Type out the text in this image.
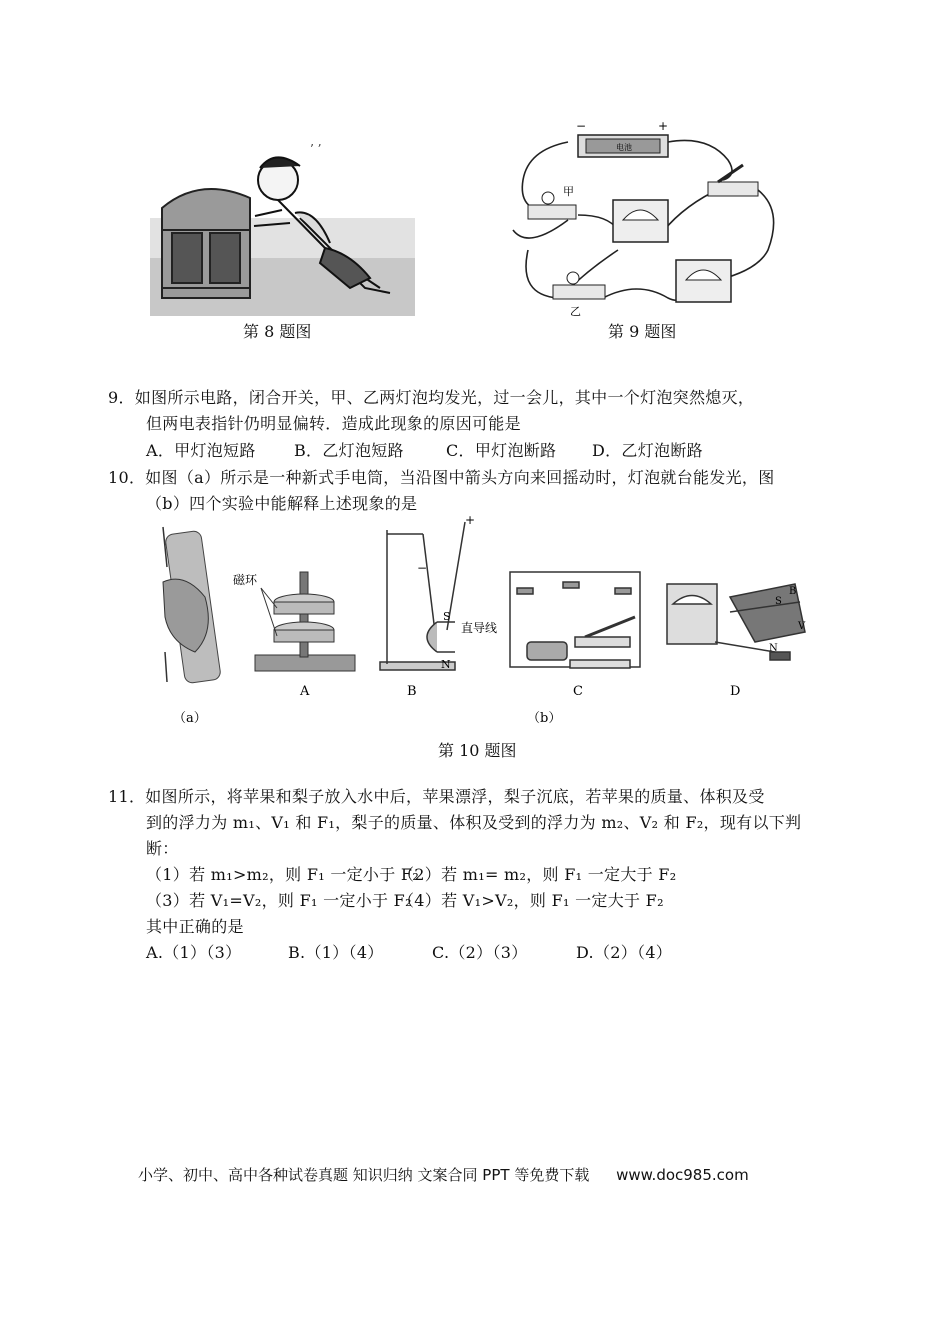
’ ’
第 8 题图
电池
−	+
甲
乙
第 9 题图
9．如图所示电路，闭合开关，甲、乙两灯泡均发光，过一会儿，其中一个灯泡突然熄灭，
但两电表指针仍明显偏转．造成此现象的原因可能是
A．甲灯泡短路 B．乙灯泡短路	C．甲灯泡断路 D．乙灯泡断路
10．如图（a）所示是一种新式手电筒，当沿图中箭头方向来回摇动时，灯泡就台能发光，图
（b）四个实验中能解释上述现象的是
（a）
磁环
A
+
−
S
N
直导线
B
（b）
C
S
N
B
V
D
第 10 题图
11．如图所示，将苹果和梨子放入水中后，苹果漂浮，梨子沉底，若苹果的质量、体积及受
到的浮力为 m₁、V₁ 和 F₁，梨子的质量、体积及受到的浮力为 m₂、V₂ 和 F₂，现有以下判
断：
（1）若 m₁>m₂，则 F₁ 一定小于 F₂
（2）若 m₁= m₂，则 F₁ 一定大于 F₂
（3）若 V₁=V₂，则 F₁ 一定小于 F₂
（4）若 V₁>V₂，则 F₁ 一定大于 F₂
其中正确的是
A.（1）（3）	B.（1）（4）	C.（2）（3）	D.（2）（4）
小学、初中、高中各种试卷真题 知识归纳 文案合同 PPT 等免费下载 www.doc985.com
